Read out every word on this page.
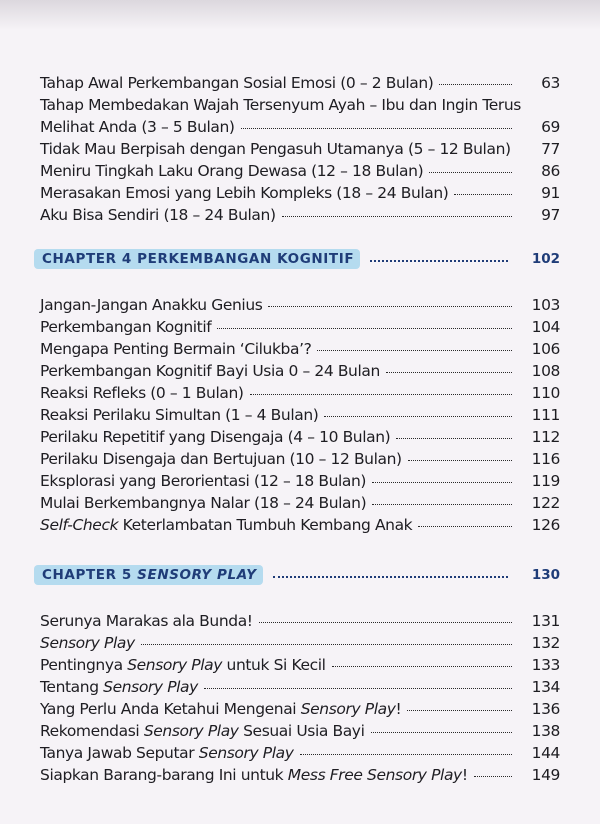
Tahap Awal Perkembangan Sosial Emosi (0 – 2 Bulan)	63
Tahap Membedakan Wajah Tersenyum Ayah – Ibu dan Ingin Terus
Melihat Anda (3 – 5 Bulan)	69
Tidak Mau Berpisah dengan Pengasuh Utamanya (5 – 12 Bulan)	77
Meniru Tingkah Laku Orang Dewasa (12 – 18 Bulan)	86
Merasakan Emosi yang Lebih Kompleks (18 – 24 Bulan)	91
Aku Bisa Sendiri (18 – 24 Bulan)	97
CHAPTER 4 PERKEMBANGAN KOGNITIF	102
Jangan-Jangan Anakku Genius	103
Perkembangan Kognitif	104
Mengapa Penting Bermain ‘Cilukba’?	106
Perkembangan Kognitif Bayi Usia 0 – 24 Bulan	108
Reaksi Refleks (0 – 1 Bulan)	110
Reaksi Perilaku Simultan (1 – 4 Bulan)	111
Perilaku Repetitif yang Disengaja (4 – 10 Bulan)	112
Perilaku Disengaja dan Bertujuan (10 – 12 Bulan)	116
Eksplorasi yang Berorientasi (12 – 18 Bulan)	119
Mulai Berkembangnya Nalar (18 – 24 Bulan)	122
Self-Check Keterlambatan Tumbuh Kembang Anak	126
CHAPTER 5 SENSORY PLAY	130
Serunya Marakas ala Bunda!	131
Sensory Play	132
Pentingnya Sensory Play untuk Si Kecil	133
Tentang Sensory Play	134
Yang Perlu Anda Ketahui Mengenai Sensory Play!	136
Rekomendasi Sensory Play Sesuai Usia Bayi	138
Tanya Jawab Seputar Sensory Play	144
Siapkan Barang-barang Ini untuk Mess Free Sensory Play!	149
